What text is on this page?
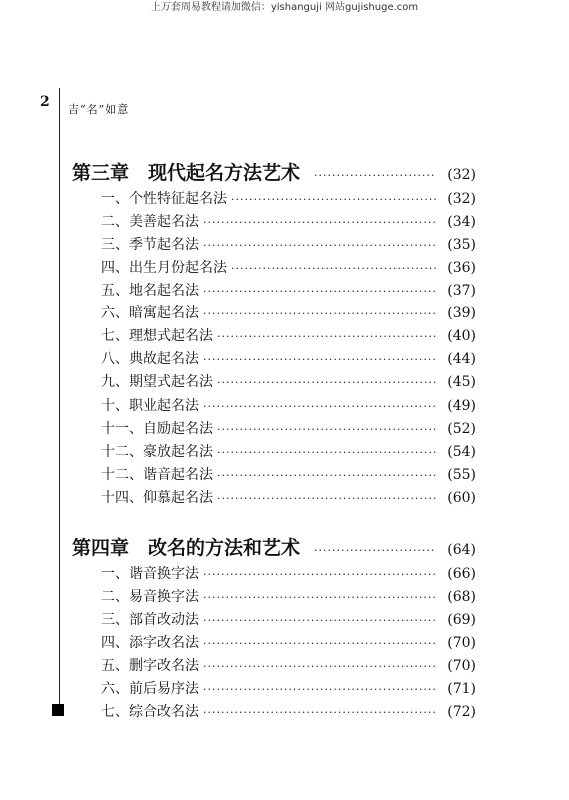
上万套周易教程请加微信：yishanguji 网站gujishuge.com
2 吉“名”如意
第三章　现代起名方法艺术 ·····	(32)
一、个性特征起名法 ·····	(32)
二、美善起名法 ·····	(34)
三、季节起名法 ·····	(35)
四、出生月份起名法 ·····	(36)
五、地名起名法 ·····	(37)
六、暗寓起名法 ·····	(39)
七、理想式起名法 ·····	(40)
八、典故起名法 ·····	(44)
九、期望式起名法 ·····	(45)
十、职业起名法 ·····	(49)
十一、自励起名法 ·····	(52)
十二、豪放起名法 ·····	(54)
十二、谐音起名法 ·····	(55)
十四、仰慕起名法 ·····	(60)
第四章　改名的方法和艺术 ·····	(64)
一、谐音换字法 ·····	(66)
二、易音换字法 ·····	(68)
三、部首改动法 ·····	(69)
四、添字改名法 ·····	(70)
五、删字改名法 ·····	(70)
六、前后易序法 ·····	(71)
七、综合改名法 ·····	(72)
